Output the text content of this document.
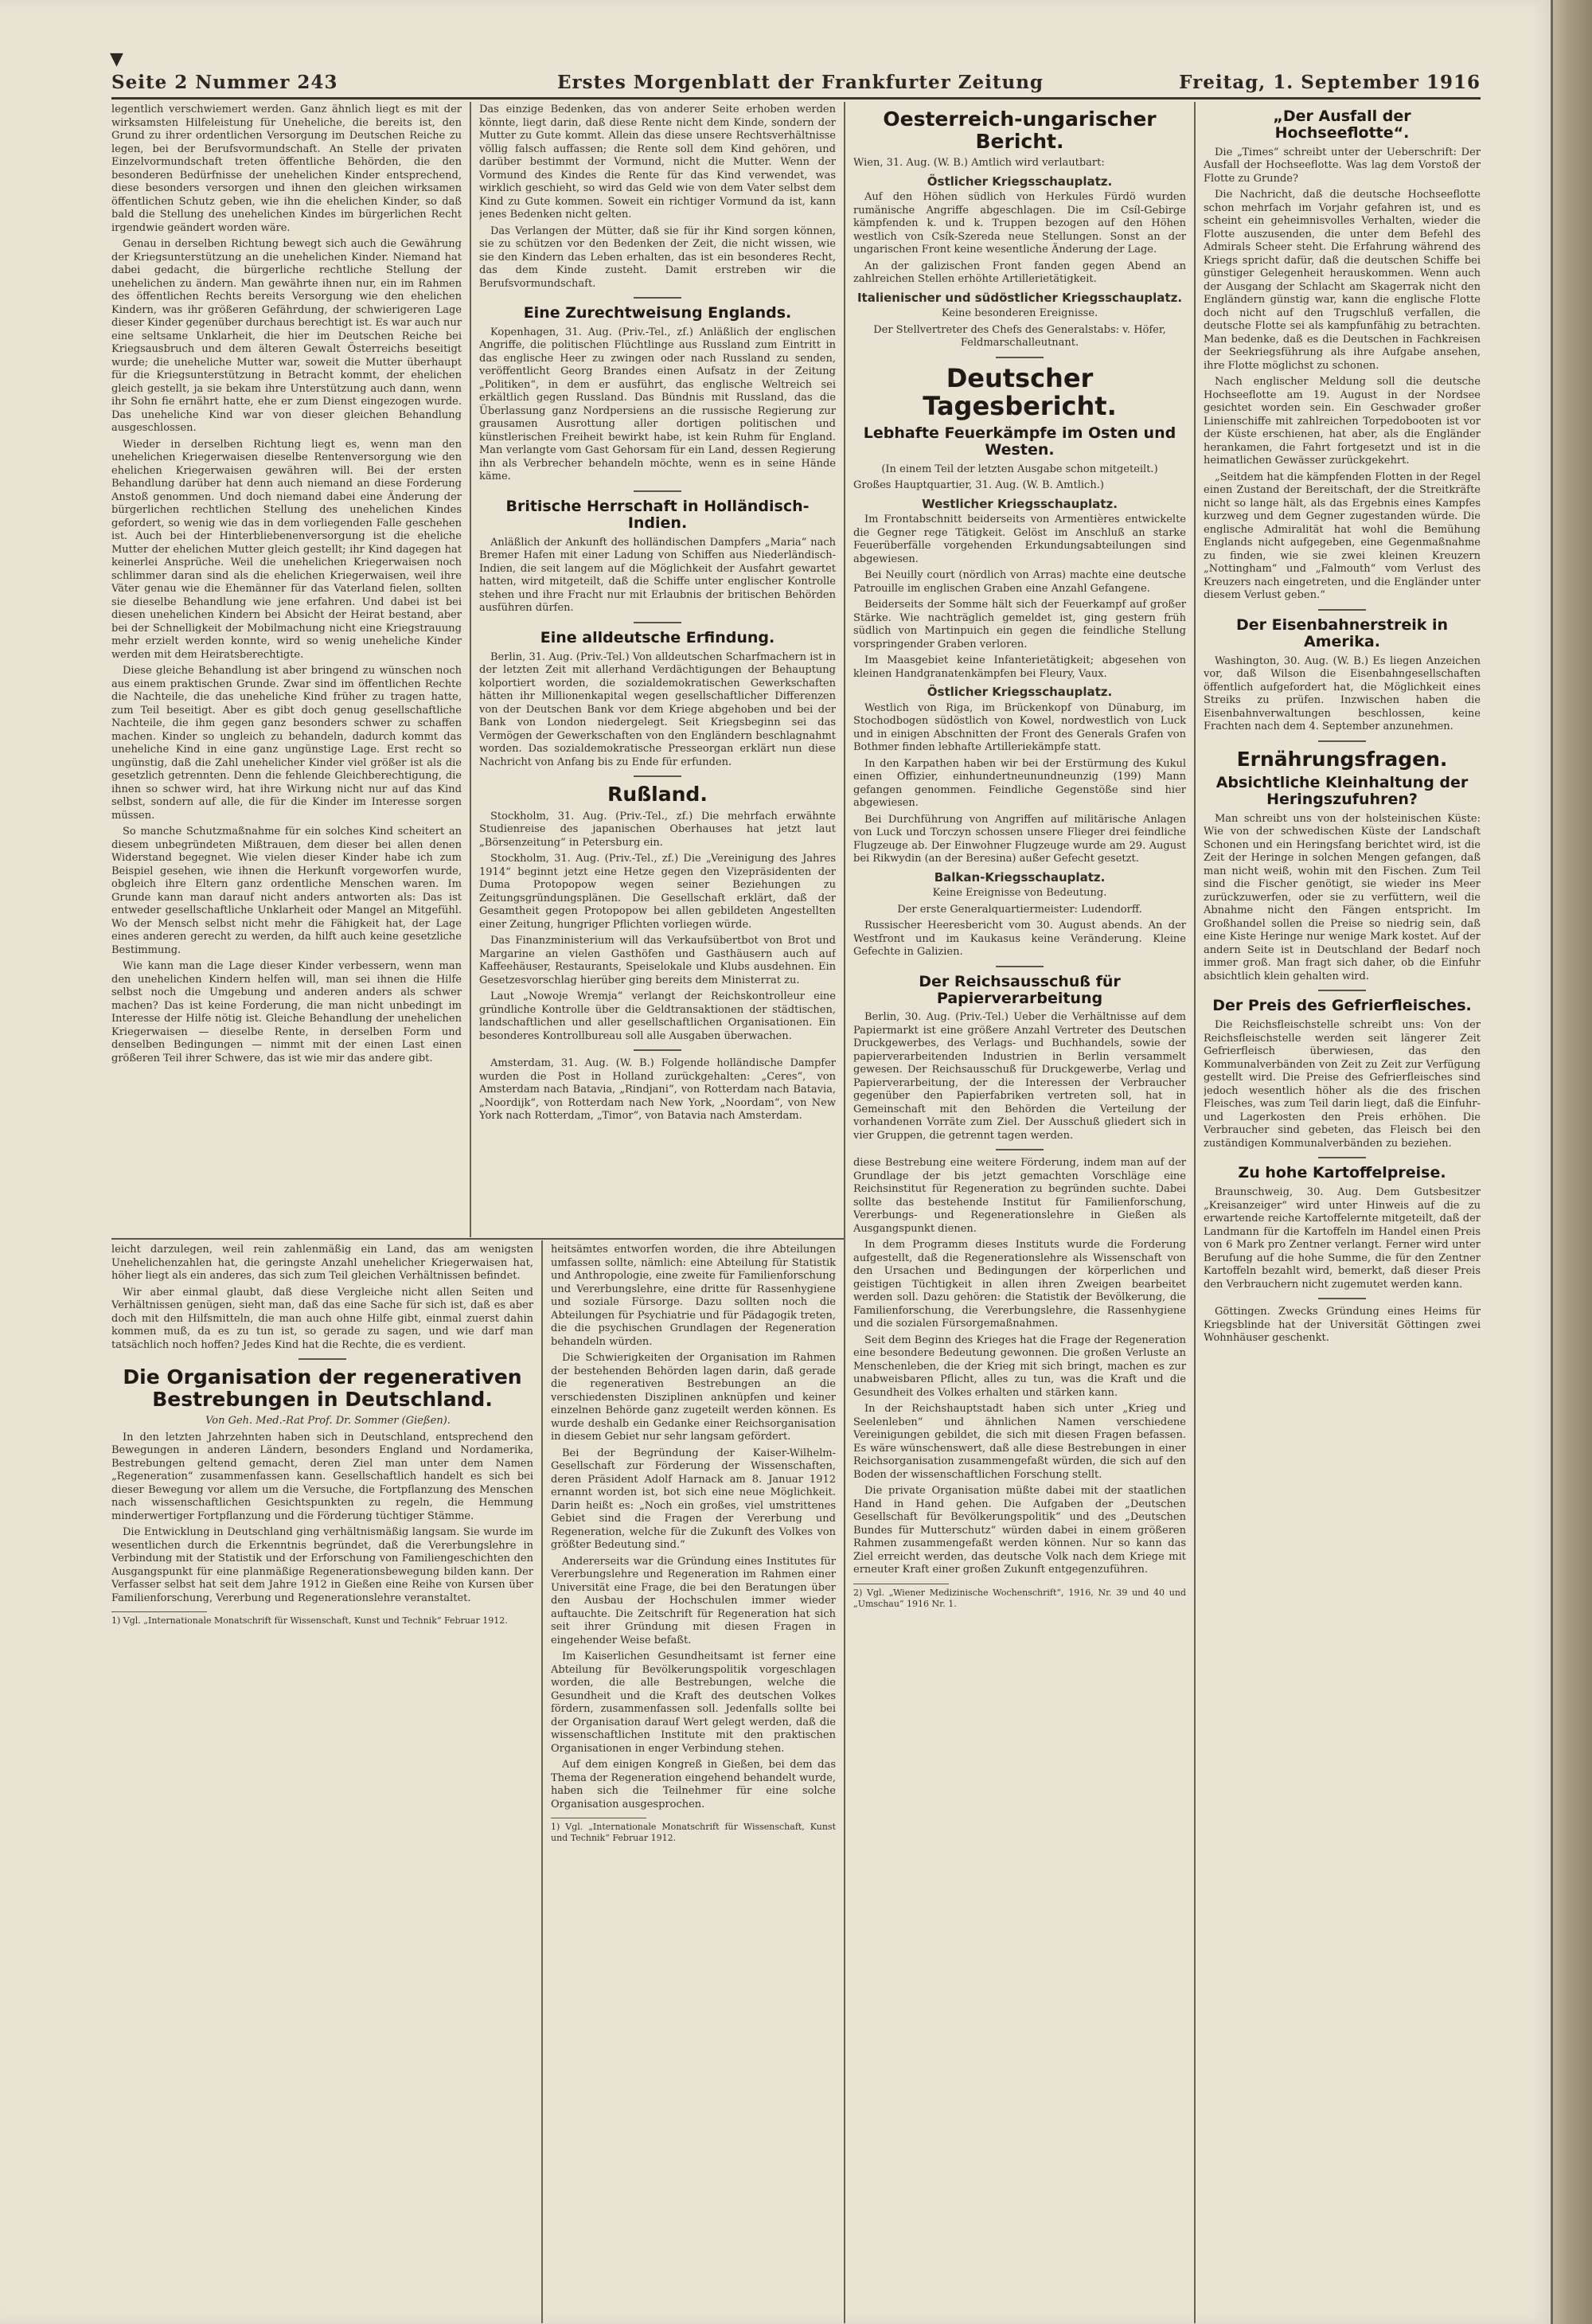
▼
Seite 2 Nummer 243	Erstes Morgenblatt der Frankfurter Zeitung	Freitag, 1. September 1916

legentlich verschwiemert werden. Ganz ähnlich liegt es mit der wirksamsten Hilfeleistung für Uneheliche, die bereits ist, den Grund zu ihrer ordentlichen Versorgung im Deutschen Reiche zu legen, bei der Berufsvormundschaft. An Stelle der privaten Einzelvormundschaft treten öffentliche Behörden, die den besonderen Bedürfnisse der unehelichen Kinder entsprechend, diese besonders versorgen und ihnen den gleichen wirksamen öffentlichen Schutz geben, wie ihn die ehelichen Kinder, so daß bald die Stellung des unehelichen Kindes im bürgerlichen Recht irgendwie geändert worden wäre.

Genau in derselben Richtung bewegt sich auch die Gewährung der Kriegsunterstützung an die unehelichen Kinder. Niemand hat dabei gedacht, die bürgerliche rechtliche Stellung der unehelichen zu ändern. Man gewährte ihnen nur, ein im Rahmen des öffentlichen Rechts bereits Versorgung wie den ehelichen Kindern, was ihr größeren Gefährdung, der schwierigeren Lage dieser Kinder gegenüber durchaus berechtigt ist. Es war auch nur eine seltsame Unklarheit, die hier im Deutschen Reiche bei Kriegsausbruch und dem älteren Gewalt Österreichs beseitigt wurde; die uneheliche Mutter war, soweit die Mutter überhaupt für die Kriegsunterstützung in Betracht kommt, der ehelichen gleich gestellt, ja sie bekam ihre Unterstützung auch dann, wenn ihr Sohn fie ernährt hatte, ehe er zum Dienst eingezogen wurde. Das uneheliche Kind war von dieser gleichen Behandlung ausgeschlossen.

Wieder in derselben Richtung liegt es, wenn man den unehelichen Kriegerwaisen dieselbe Rentenversorgung wie den ehelichen Kriegerwaisen gewähren will. Bei der ersten Behandlung darüber hat denn auch niemand an diese Forderung Anstoß genommen. Und doch niemand dabei eine Änderung der bürgerlichen rechtlichen Stellung des unehelichen Kindes gefordert, so wenig wie das in dem vorliegenden Falle geschehen ist. Auch bei der Hinterbliebenenversorgung ist die eheliche Mutter der ehelichen Mutter gleich gestellt; ihr Kind dagegen hat keinerlei Ansprüche. Weil die unehelichen Kriegerwaisen noch schlimmer daran sind als die ehelichen Kriegerwaisen, weil ihre Väter genau wie die Ehemänner für das Vaterland fielen, sollten sie dieselbe Behandlung wie jene erfahren. Und dabei ist bei diesen unehelichen Kindern bei Absicht der Heirat bestand, aber bei der Schnelligkeit der Mobilmachung nicht eine Kriegstrauung mehr erzielt werden konnte, wird so wenig uneheliche Kinder werden mit dem Heiratsberechtigte.

Diese gleiche Behandlung ist aber bringend zu wünschen noch aus einem praktischen Grunde. Zwar sind im öffentlichen Rechte die Nachteile, die das uneheliche Kind früher zu tragen hatte, zum Teil beseitigt. Aber es gibt doch genug gesellschaftliche Nachteile, die ihm gegen ganz besonders schwer zu schaffen machen. Kinder so ungleich zu behandeln, dadurch kommt das uneheliche Kind in eine ganz ungünstige Lage. Erst recht so ungünstig, daß die Zahl unehelicher Kinder viel größer ist als die gesetzlich getrennten. Denn die fehlende Gleichberechtigung, die ihnen so schwer wird, hat ihre Wirkung nicht nur auf das Kind selbst, sondern auf alle, die für die Kinder im Interesse sorgen müssen.

So manche Schutzmaßnahme für ein solches Kind scheitert an diesem unbegründeten Mißtrauen, dem dieser bei allen denen Widerstand begegnet. Wie vielen dieser Kinder habe ich zum Beispiel gesehen, wie ihnen die Herkunft vorgeworfen wurde, obgleich ihre Eltern ganz ordentliche Menschen waren. Im Grunde kann man darauf nicht anders antworten als: Das ist entweder gesellschaftliche Unklarheit oder Mangel an Mitgefühl. Wo der Mensch selbst nicht mehr die Fähigkeit hat, der Lage eines anderen gerecht zu werden, da hilft auch keine gesetzliche Bestimmung.

Wie kann man die Lage dieser Kinder verbessern, wenn man den unehelichen Kindern helfen will, man sei ihnen die Hilfe selbst noch die Umgebung und anderen anders als schwer machen? Das ist keine Forderung, die man nicht unbedingt im Interesse der Hilfe nötig ist. Gleiche Behandlung der unehelichen Kriegerwaisen — dieselbe Rente, in derselben Form und denselben Bedingungen — nimmt mit der einen Last einen größeren Teil ihrer Schwere, das ist wie mir das andere gibt.

Das einzige Bedenken, das von anderer Seite erhoben werden könnte, liegt darin, daß diese Rente nicht dem Kinde, sondern der Mutter zu Gute kommt. Allein das diese unsere Rechtsverhältnisse völlig falsch auffassen; die Rente soll dem Kind gehören, und darüber bestimmt der Vormund, nicht die Mutter. Wenn der Vormund des Kindes die Rente für das Kind verwendet, was wirklich geschieht, so wird das Geld wie von dem Vater selbst dem Kind zu Gute kommen. Soweit ein richtiger Vormund da ist, kann jenes Bedenken nicht gelten.

Das Verlangen der Mütter, daß sie für ihr Kind sorgen können, sie zu schützen vor den Bedenken der Zeit, die nicht wissen, wie sie den Kindern das Leben erhalten, das ist ein besonderes Recht, das dem Kinde zusteht. Damit erstreben wir die Berufsvormundschaft.

Eine Zurechtweisung Englands.

Kopenhagen, 31. Aug. (Priv.-Tel., zf.) Anläßlich der englischen Angriffe, die politischen Flüchtlinge aus Russland zum Eintritt in das englische Heer zu zwingen oder nach Russland zu senden, veröffentlicht Georg Brandes einen Aufsatz in der Zeitung „Politiken“, in dem er ausführt, das englische Weltreich sei erkältlich gegen Russland. Das Bündnis mit Russland, das die Überlassung ganz Nordpersiens an die russische Regierung zur grausamen Ausrottung aller dortigen politischen und künstlerischen Freiheit bewirkt habe, ist kein Ruhm für England. Man verlangte vom Gast Gehorsam für ein Land, dessen Regierung ihn als Verbrecher behandeln möchte, wenn es in seine Hände käme.

Britische Herrschaft in Holländisch-Indien.

Anläßlich der Ankunft des holländischen Dampfers „Maria“ nach Bremer Hafen mit einer Ladung von Schiffen aus Niederländisch-Indien, die seit langem auf die Möglichkeit der Ausfahrt gewartet hatten, wird mitgeteilt, daß die Schiffe unter englischer Kontrolle stehen und ihre Fracht nur mit Erlaubnis der britischen Behörden ausführen dürfen.

Eine alldeutsche Erfindung.

Berlin, 31. Aug. (Priv.-Tel.) Von alldeutschen Scharfmachern ist in der letzten Zeit mit allerhand Verdächtigungen der Behauptung kolportiert worden, die sozialdemokratischen Gewerkschaften hätten ihr Millionenkapital wegen gesellschaftlicher Differenzen von der Deutschen Bank vor dem Kriege abgehoben und bei der Bank von London niedergelegt. Seit Kriegsbeginn sei das Vermögen der Gewerkschaften von den Engländern beschlagnahmt worden. Das sozialdemokratische Presseorgan erklärt nun diese Nachricht von Anfang bis zu Ende für erfunden.

Rußland.

Stockholm, 31. Aug. (Priv.-Tel., zf.) Die mehrfach erwähnte Studienreise des japanischen Oberhauses hat jetzt laut „Börsenzeitung“ in Petersburg ein.

Stockholm, 31. Aug. (Priv.-Tel., zf.) Die „Vereinigung des Jahres 1914“ beginnt jetzt eine Hetze gegen den Vizepräsidenten der Duma Protopopow wegen seiner Beziehungen zu Zeitungsgründungsplänen. Die Gesellschaft erklärt, daß der Gesamtheit gegen Protopopow bei allen gebildeten Angestellten einer Zeitung, hungriger Pflichten vorliegen würde.

Das Finanzministerium will das Verkaufsübertbot von Brot und Margarine an vielen Gasthöfen und Gasthäusern auch auf Kaffeehäuser, Restaurants, Speiselokale und Klubs ausdehnen. Ein Gesetzesvorschlag hierüber ging bereits dem Ministerrat zu.

Laut „Nowoje Wremja“ verlangt der Reichskontrolleur eine gründliche Kontrolle über die Geldtransaktionen der städtischen, landschaftlichen und aller gesellschaftlichen Organisationen. Ein besonderes Kontrollbureau soll alle Ausgaben überwachen.

Amsterdam, 31. Aug. (W. B.) Folgende holländische Dampfer wurden die Post in Holland zurückgehalten: „Ceres“, von Amsterdam nach Batavia, „Rindjani“, von Rotterdam nach Batavia, „Noordijk“, von Rotterdam nach New York, „Noordam“, von New York nach Rotterdam, „Timor“, von Batavia nach Amsterdam.

Oesterreich-ungarischer Bericht.

Wien, 31. Aug. (W. B.) Amtlich wird verlautbart:

Östlicher Kriegsschauplatz.

Auf den Höhen südlich von Herkules Fürdö wurden rumänische Angriffe abgeschlagen. Die im Csíl-Gebirge kämpfenden k. und k. Truppen bezogen auf den Höhen westlich von Csík-Szereda neue Stellungen. Sonst an der ungarischen Front keine wesentliche Änderung der Lage.

An der galizischen Front fanden gegen Abend an zahlreichen Stellen erhöhte Artillerietätigkeit.

Italienischer und südöstlicher Kriegsschauplatz.

Keine besonderen Ereignisse.

Der Stellvertreter des Chefs des Generalstabs: v. Höfer, Feldmarschalleutnant.

Deutscher Tagesbericht.
Lebhafte Feuerkämpfe im Osten und Westen.

(In einem Teil der letzten Ausgabe schon mitgeteilt.)

Großes Hauptquartier, 31. Aug. (W. B. Amtlich.)

Westlicher Kriegsschauplatz.

Im Frontabschnitt beiderseits von Armentières entwickelte die Gegner rege Tätigkeit. Gelöst im Anschluß an starke Feuerüberfälle vorgehenden Erkundungsabteilungen sind abgewiesen.

Bei Neuilly court (nördlich von Arras) machte eine deutsche Patrouille im englischen Graben eine Anzahl Gefangene.

Beiderseits der Somme hält sich der Feuerkampf auf großer Stärke. Wie nachträglich gemeldet ist, ging gestern früh südlich von Martinpuich ein gegen die feindliche Stellung vorspringender Graben verloren.

Im Maasgebiet keine Infanterietätigkeit; abgesehen von kleinen Handgranatenkämpfen bei Fleury, Vaux.

Östlicher Kriegsschauplatz.

Westlich von Riga, im Brückenkopf von Dünaburg, im Stochodbogen südöstlich von Kowel, nordwestlich von Luck und in einigen Abschnitten der Front des Generals Grafen von Bothmer finden lebhafte Artilleriekämpfe statt.

In den Karpathen haben wir bei der Erstürmung des Kukul einen Offizier, einhundertneunundneunzig (199) Mann gefangen genommen. Feindliche Gegenstöße sind hier abgewiesen.

Bei Durchführung von Angriffen auf militärische Anlagen von Luck und Torczyn schossen unsere Flieger drei feindliche Flugzeuge ab. Der Einwohner Flugzeuge wurde am 29. August bei Rikwydin (an der Beresina) außer Gefecht gesetzt.

Balkan-Kriegsschauplatz.

Keine Ereignisse von Bedeutung.

Der erste Generalquartiermeister: Ludendorff.

Russischer Heeresbericht vom 30. August abends. An der Westfront und im Kaukasus keine Veränderung. Kleine Gefechte in Galizien.

Der Reichsausschuß für Papierverarbeitung

Berlin, 30. Aug. (Priv.-Tel.) Ueber die Verhältnisse auf dem Papiermarkt ist eine größere Anzahl Vertreter des Deutschen Druckgewerbes, des Verlags- und Buchhandels, sowie der papierverarbeitenden Industrien in Berlin versammelt gewesen. Der Reichsausschuß für Druckgewerbe, Verlag und Papierverarbeitung, der die Interessen der Verbraucher gegenüber den Papierfabriken vertreten soll, hat in Gemeinschaft mit den Behörden die Verteilung der vorhandenen Vorräte zum Ziel. Der Ausschuß gliedert sich in vier Gruppen, die getrennt tagen werden.

diese Bestrebung eine weitere Förderung, indem man auf der Grundlage der bis jetzt gemachten Vorschläge eine Reichsinstitut für Regeneration zu begründen suchte. Dabei sollte das bestehende Institut für Familienforschung, Vererbungs- und Regenerationslehre in Gießen als Ausgangspunkt dienen.

In dem Programm dieses Instituts wurde die Forderung aufgestellt, daß die Regenerationslehre als Wissenschaft von den Ursachen und Bedingungen der körperlichen und geistigen Tüchtigkeit in allen ihren Zweigen bearbeitet werden soll. Dazu gehören: die Statistik der Bevölkerung, die Familienforschung, die Vererbungslehre, die Rassenhygiene und die sozialen Fürsorgemaßnahmen.

Seit dem Beginn des Krieges hat die Frage der Regeneration eine besondere Bedeutung gewonnen. Die großen Verluste an Menschenleben, die der Krieg mit sich bringt, machen es zur unabweisbaren Pflicht, alles zu tun, was die Kraft und die Gesundheit des Volkes erhalten und stärken kann.

In der Reichshauptstadt haben sich unter „Krieg und Seelenleben“ und ähnlichen Namen verschiedene Vereinigungen gebildet, die sich mit diesen Fragen befassen. Es wäre wünschenswert, daß alle diese Bestrebungen in einer Reichsorganisation zusammengefaßt würden, die sich auf den Boden der wissenschaftlichen Forschung stellt.

Die private Organisation müßte dabei mit der staatlichen Hand in Hand gehen. Die Aufgaben der „Deutschen Gesellschaft für Bevölkerungspolitik“ und des „Deutschen Bundes für Mutterschutz“ würden dabei in einem größeren Rahmen zusammengefaßt werden können. Nur so kann das Ziel erreicht werden, das deutsche Volk nach dem Kriege mit erneuter Kraft einer großen Zukunft entgegenzuführen.

2) Vgl. „Wiener Medizinische Wochenschrift“, 1916, Nr. 39 und 40 und „Umschau“ 1916 Nr. 1.

„Der Ausfall der Hochseeflotte“.

Die „Times“ schreibt unter der Ueberschrift: Der Ausfall der Hochseeflotte. Was lag dem Vorstoß der Flotte zu Grunde?

Die Nachricht, daß die deutsche Hochseeflotte schon mehrfach im Vorjahr gefahren ist, und es scheint ein geheimnisvolles Verhalten, wieder die Flotte auszusenden, die unter dem Befehl des Admirals Scheer steht. Die Erfahrung während des Kriegs spricht dafür, daß die deutschen Schiffe bei günstiger Gelegenheit herauskommen. Wenn auch der Ausgang der Schlacht am Skagerrak nicht den Engländern günstig war, kann die englische Flotte doch nicht auf den Trugschluß verfallen, die deutsche Flotte sei als kampfunfähig zu betrachten. Man bedenke, daß es die Deutschen in Fachkreisen der Seekriegsführung als ihre Aufgabe ansehen, ihre Flotte möglichst zu schonen.

Nach englischer Meldung soll die deutsche Hochseeflotte am 19. August in der Nordsee gesichtet worden sein. Ein Geschwader großer Linienschiffe mit zahlreichen Torpedobooten ist vor der Küste erschienen, hat aber, als die Engländer herankamen, die Fahrt fortgesetzt und ist in die heimatlichen Gewässer zurückgekehrt.

„Seitdem hat die kämpfenden Flotten in der Regel einen Zustand der Bereitschaft, der die Streitkräfte nicht so lange hält, als das Ergebnis eines Kampfes kurzweg und dem Gegner zugestanden würde. Die englische Admiralität hat wohl die Bemühung Englands nicht aufgegeben, eine Gegenmaßnahme zu finden, wie sie zwei kleinen Kreuzern „Nottingham“ und „Falmouth“ vom Verlust des Kreuzers nach eingetreten, und die Engländer unter diesem Verlust geben.“

Der Eisenbahnerstreik in Amerika.

Washington, 30. Aug. (W. B.) Es liegen Anzeichen vor, daß Wilson die Eisenbahngesellschaften öffentlich aufgefordert hat, die Möglichkeit eines Streiks zu prüfen. Inzwischen haben die Eisenbahnverwaltungen beschlossen, keine Frachten nach dem 4. September anzunehmen.

Ernährungsfragen.
Absichtliche Kleinhaltung der Heringszufuhren?

Man schreibt uns von der holsteinischen Küste: Wie von der schwedischen Küste der Landschaft Schonen und ein Heringsfang berichtet wird, ist die Zeit der Heringe in solchen Mengen gefangen, daß man nicht weiß, wohin mit den Fischen. Zum Teil sind die Fischer genötigt, sie wieder ins Meer zurückzuwerfen, oder sie zu verfüttern, weil die Abnahme nicht den Fängen entspricht. Im Großhandel sollen die Preise so niedrig sein, daß eine Kiste Heringe nur wenige Mark kostet. Auf der andern Seite ist in Deutschland der Bedarf noch immer groß. Man fragt sich daher, ob die Einfuhr absichtlich klein gehalten wird.

Der Preis des Gefrierfleisches.

Die Reichsfleischstelle schreibt uns: Von der Reichsfleischstelle werden seit längerer Zeit Gefrierfleisch überwiesen, das den Kommunalverbänden von Zeit zu Zeit zur Verfügung gestellt wird. Die Preise des Gefrierfleisches sind jedoch wesentlich höher als die des frischen Fleisches, was zum Teil darin liegt, daß die Einfuhr- und Lagerkosten den Preis erhöhen. Die Verbraucher sind gebeten, das Fleisch bei den zuständigen Kommunalverbänden zu beziehen.

Zu hohe Kartoffelpreise.

Braunschweig, 30. Aug. Dem Gutsbesitzer „Kreisanzeiger“ wird unter Hinweis auf die zu erwartende reiche Kartoffelernte mitgeteilt, daß der Landmann für die Kartoffeln im Handel einen Preis von 6 Mark pro Zentner verlangt. Ferner wird unter Berufung auf die hohe Summe, die für den Zentner Kartoffeln bezahlt wird, bemerkt, daß dieser Preis den Verbrauchern nicht zugemutet werden kann.

Göttingen. Zwecks Gründung eines Heims für Kriegsblinde hat der Universität Göttingen zwei Wohnhäuser geschenkt.

leicht darzulegen, weil rein zahlenmäßig ein Land, das am wenigsten Unehelichenzahlen hat, die geringste Anzahl unehelicher Kriegerwaisen hat, höher liegt als ein anderes, das sich zum Teil gleichen Verhältnissen befindet.

Wir aber einmal glaubt, daß diese Vergleiche nicht allen Seiten und Verhältnissen genügen, sieht man, daß das eine Sache für sich ist, daß es aber doch mit den Hilfsmitteln, die man auch ohne Hilfe gibt, einmal zuerst dahin kommen muß, da es zu tun ist, so gerade zu sagen, und wie darf man tatsächlich noch hoffen? Jedes Kind hat die Rechte, die es verdient.

Die Organisation der regenerativen Bestrebungen in Deutschland.

Von Geh. Med.-Rat Prof. Dr. Sommer (Gießen).

In den letzten Jahrzehnten haben sich in Deutschland, entsprechend den Bewegungen in anderen Ländern, besonders England und Nordamerika, Bestrebungen geltend gemacht, deren Ziel man unter dem Namen „Regeneration“ zusammenfassen kann. Gesellschaftlich handelt es sich bei dieser Bewegung vor allem um die Versuche, die Fortpflanzung des Menschen nach wissenschaftlichen Gesichtspunkten zu regeln, die Hemmung minderwertiger Fortpflanzung und die Förderung tüchtiger Stämme.

Die Entwicklung in Deutschland ging verhältnismäßig langsam. Sie wurde im wesentlichen durch die Erkenntnis begründet, daß die Vererbungslehre in Verbindung mit der Statistik und der Erforschung von Familiengeschichten den Ausgangspunkt für eine planmäßige Regenerationsbewegung bilden kann. Der Verfasser selbst hat seit dem Jahre 1912 in Gießen eine Reihe von Kursen über Familienforschung, Vererbung und Regenerationslehre veranstaltet.

1) Vgl. „Internationale Monatschrift für Wissenschaft, Kunst und Technik“ Februar 1912.

heitsämtes entworfen worden, die ihre Abteilungen umfassen sollte, nämlich: eine Abteilung für Statistik und Anthropologie, eine zweite für Familienforschung und Vererbungslehre, eine dritte für Rassenhygiene und soziale Fürsorge. Dazu sollten noch die Abteilungen für Psychiatrie und für Pädagogik treten, die die psychischen Grundlagen der Regeneration behandeln würden.

Die Schwierigkeiten der Organisation im Rahmen der bestehenden Behörden lagen darin, daß gerade die regenerativen Bestrebungen an die verschiedensten Disziplinen anknüpfen und keiner einzelnen Behörde ganz zugeteilt werden können. Es wurde deshalb ein Gedanke einer Reichsorganisation in diesem Gebiet nur sehr langsam gefördert.

Bei der Begründung der Kaiser-Wilhelm-Gesellschaft zur Förderung der Wissenschaften, deren Präsident Adolf Harnack am 8. Januar 1912 ernannt worden ist, bot sich eine neue Möglichkeit. Darin heißt es: „Noch ein großes, viel umstrittenes Gebiet sind die Fragen der Vererbung und Regeneration, welche für die Zukunft des Volkes von größter Bedeutung sind.“

Andererseits war die Gründung eines Institutes für Vererbungslehre und Regeneration im Rahmen einer Universität eine Frage, die bei den Beratungen über den Ausbau der Hochschulen immer wieder auftauchte. Die Zeitschrift für Regeneration hat sich seit ihrer Gründung mit diesen Fragen in eingehender Weise befaßt.

Im Kaiserlichen Gesundheitsamt ist ferner eine Abteilung für Bevölkerungspolitik vorgeschlagen worden, die alle Bestrebungen, welche die Gesundheit und die Kraft des deutschen Volkes fördern, zusammenfassen soll. Jedenfalls sollte bei der Organisation darauf Wert gelegt werden, daß die wissenschaftlichen Institute mit den praktischen Organisationen in enger Verbindung stehen.

Auf dem einigen Kongreß in Gießen, bei dem das Thema der Regeneration eingehend behandelt wurde, haben sich die Teilnehmer für eine solche Organisation ausgesprochen.

1) Vgl. „Internationale Monatschrift für Wissenschaft, Kunst und Technik“ Februar 1912.
